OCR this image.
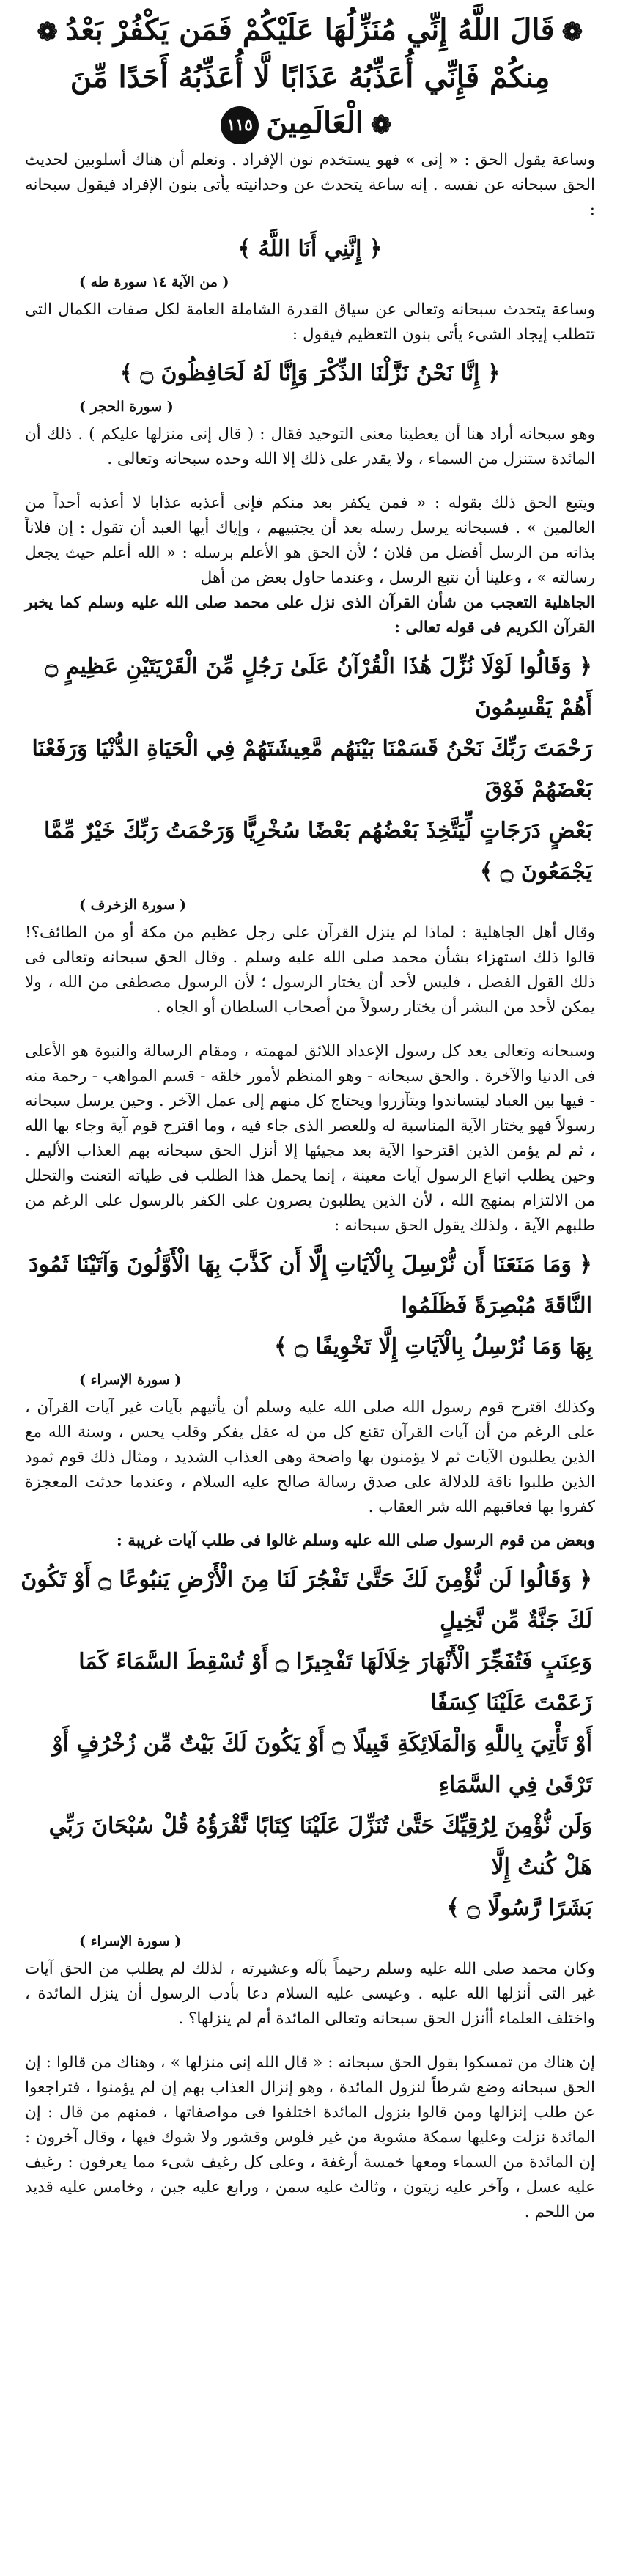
❁قَالَ اللَّهُ إِنِّي مُنَزِّلُهَا عَلَيْكُمْ فَمَن يَكْفُرْ بَعْدُ❁
مِنكُمْ فَإِنِّي أُعَذِّبُهُ عَذَابًا لَّا أُعَذِّبُهُ أَحَدًا مِّنَ
❁الْعَالَمِينَ١١٥

وساعة يقول الحق : « إنى » فهو يستخدم نون الإفراد . ونعلم أن هناك أسلوبين لحديث الحق سبحانه عن نفسه . إنه ساعة يتحدث عن وحدانيته يأتى بنون الإفراد فيقول سبحانه :

﴿ إِنَّنِي أَنَا اللَّهُ ﴾
( من الآية ١٤ سورة طه )

وساعة يتحدث سبحانه وتعالى عن سياق القدرة الشاملة العامة لكل صفات الكمال التى تتطلب إيجاد الشىء يأتى بنون التعظيم فيقول :

﴿ إِنَّا نَحْنُ نَزَّلْنَا الذِّكْرَ وَإِنَّا لَهُ لَحَافِظُونَ ۝ ﴾
( سورة الحجر )

وهو سبحانه أراد هنا أن يعطينا معنى التوحيد فقال : ( قال إنى منزلها عليكم ) . ذلك أن المائدة ستنزل من السماء ، ولا يقدر على ذلك إلا الله وحده سبحانه وتعالى .

ويتبع الحق ذلك بقوله : « فمن يكفر بعد منكم فإنى أعذبه عذابا لا أعذبه أحداً من العالمين » . فسبحانه يرسل رسله بعد أن يجتبيهم ، وإياك أيها العبد أن تقول : إن فلاناً بذاته من الرسل أفضل من فلان ؛ لأن الحق هو الأعلم برسله : « الله أعلم حيث يجعل رسالته » ، وعلينا أن نتبع الرسل ، وعندما حاول بعض من أهل

الجاهلية التعجب من شأن القرآن الذى نزل على محمد صلى الله عليه وسلم كما يخبر القرآن الكريم فى قوله تعالى :

﴿ وَقَالُوا لَوْلَا نُزِّلَ هَٰذَا الْقُرْآنُ عَلَىٰ رَجُلٍ مِّنَ الْقَرْيَتَيْنِ عَظِيمٍ ۝ أَهُمْ يَقْسِمُونَ
رَحْمَتَ رَبِّكَ نَحْنُ قَسَمْنَا بَيْنَهُم مَّعِيشَتَهُمْ فِي الْحَيَاةِ الدُّنْيَا وَرَفَعْنَا بَعْضَهُمْ فَوْقَ
بَعْضٍ دَرَجَاتٍ لِّيَتَّخِذَ بَعْضُهُم بَعْضًا سُخْرِيًّا وَرَحْمَتُ رَبِّكَ خَيْرٌ مِّمَّا يَجْمَعُونَ ۝ ﴾
( سورة الزخرف )

وقال أهل الجاهلية : لماذا لم ينزل القرآن على رجل عظيم من مكة أو من الطائف؟! قالوا ذلك استهزاء بشأن محمد صلى الله عليه وسلم . وقال الحق سبحانه وتعالى فى ذلك القول الفصل ، فليس لأحد أن يختار الرسول ؛ لأن الرسول مصطفى من الله ، ولا يمكن لأحد من البشر أن يختار رسولاً من أصحاب السلطان أو الجاه .

وسبحانه وتعالى يعد كل رسول الإعداد اللائق لمهمته ، ومقام الرسالة والنبوة هو الأعلى فى الدنيا والآخرة . والحق سبحانه - وهو المنظم لأمور خلقه - قسم المواهب - رحمة منه - فيها بين العباد ليتساندوا ويتآزروا ويحتاج كل منهم إلى عمل الآخر . وحين يرسل سبحانه رسولاً فهو يختار الآية المناسبة له وللعصر الذى جاء فيه ، وما اقترح قوم آية وجاء بها الله ، ثم لم يؤمن الذين اقترحوا الآية بعد مجيئها إلا أنزل الحق سبحانه بهم العذاب الأليم . وحين يطلب اتباع الرسول آيات معينة ، إنما يحمل هذا الطلب فى طياته التعنت والتحلل من الالتزام بمنهج الله ، لأن الذين يطلبون يصرون على الكفر بالرسول على الرغم من طلبهم الآية ، ولذلك يقول الحق سبحانه :

﴿ وَمَا مَنَعَنَا أَن نُّرْسِلَ بِالْآيَاتِ إِلَّا أَن كَذَّبَ بِهَا الْأَوَّلُونَ وَآتَيْنَا ثَمُودَ النَّاقَةَ مُبْصِرَةً فَظَلَمُوا
بِهَا وَمَا نُرْسِلُ بِالْآيَاتِ إِلَّا تَخْوِيفًا ۝ ﴾
( سورة الإسراء )

وكذلك اقترح قوم رسول الله صلى الله عليه وسلم أن يأتيهم بآيات غير آيات القرآن ، على الرغم من أن آيات القرآن تقنع كل من له عقل يفكر وقلب يحس ، وسنة الله مع الذين يطلبون الآيات ثم لا يؤمنون بها واضحة وهى العذاب الشديد ، ومثال ذلك قوم ثمود الذين طلبوا ناقة للدلالة على صدق رسالة صالح عليه السلام ، وعندما حدثت المعجزة كفروا بها فعاقبهم الله شر العقاب .

وبعض من قوم الرسول صلى الله عليه وسلم غالوا فى طلب آيات غريبة :

﴿ وَقَالُوا لَن نُّؤْمِنَ لَكَ حَتَّىٰ تَفْجُرَ لَنَا مِنَ الْأَرْضِ يَنبُوعًا ۝ أَوْ تَكُونَ لَكَ جَنَّةٌ مِّن نَّخِيلٍ
وَعِنَبٍ فَتُفَجِّرَ الْأَنْهَارَ خِلَالَهَا تَفْجِيرًا ۝ أَوْ تُسْقِطَ السَّمَاءَ كَمَا زَعَمْتَ عَلَيْنَا كِسَفًا
أَوْ تَأْتِيَ بِاللَّهِ وَالْمَلَائِكَةِ قَبِيلًا ۝ أَوْ يَكُونَ لَكَ بَيْتٌ مِّن زُخْرُفٍ أَوْ تَرْقَىٰ فِي السَّمَاءِ
وَلَن نُّؤْمِنَ لِرُقِيِّكَ حَتَّىٰ تُنَزِّلَ عَلَيْنَا كِتَابًا نَّقْرَؤُهُ قُلْ سُبْحَانَ رَبِّي هَلْ كُنتُ إِلَّا
بَشَرًا رَّسُولًا ۝ ﴾
( سورة الإسراء )

وكان محمد صلى الله عليه وسلم رحيماً بآله وعشيرته ، لذلك لم يطلب من الحق آيات غير التى أنزلها الله عليه . وعيسى عليه السلام دعا بأدب الرسول أن ينزل المائدة ، واختلف العلماء أأنزل الحق سبحانه وتعالى المائدة أم لم ينزلها؟ .

إن هناك من تمسكوا بقول الحق سبحانه : « قال الله إنى منزلها » ، وهناك من قالوا : إن الحق سبحانه وضع شرطاً لنزول المائدة ، وهو إنزال العذاب بهم إن لم يؤمنوا ، فتراجعوا عن طلب إنزالها ومن قالوا بنزول المائدة اختلفوا فى مواصفاتها ، فمنهم من قال : إن المائدة نزلت وعليها سمكة مشوية من غير فلوس وقشور ولا شوك فيها ، وقال آخرون : إن المائدة من السماء ومعها خمسة أرغفة ، وعلى كل رغيف شىء مما يعرفون : رغيف عليه عسل ، وآخر عليه زيتون ، وثالث عليه سمن ، ورابع عليه جبن ، وخامس عليه قديد من اللحم .
